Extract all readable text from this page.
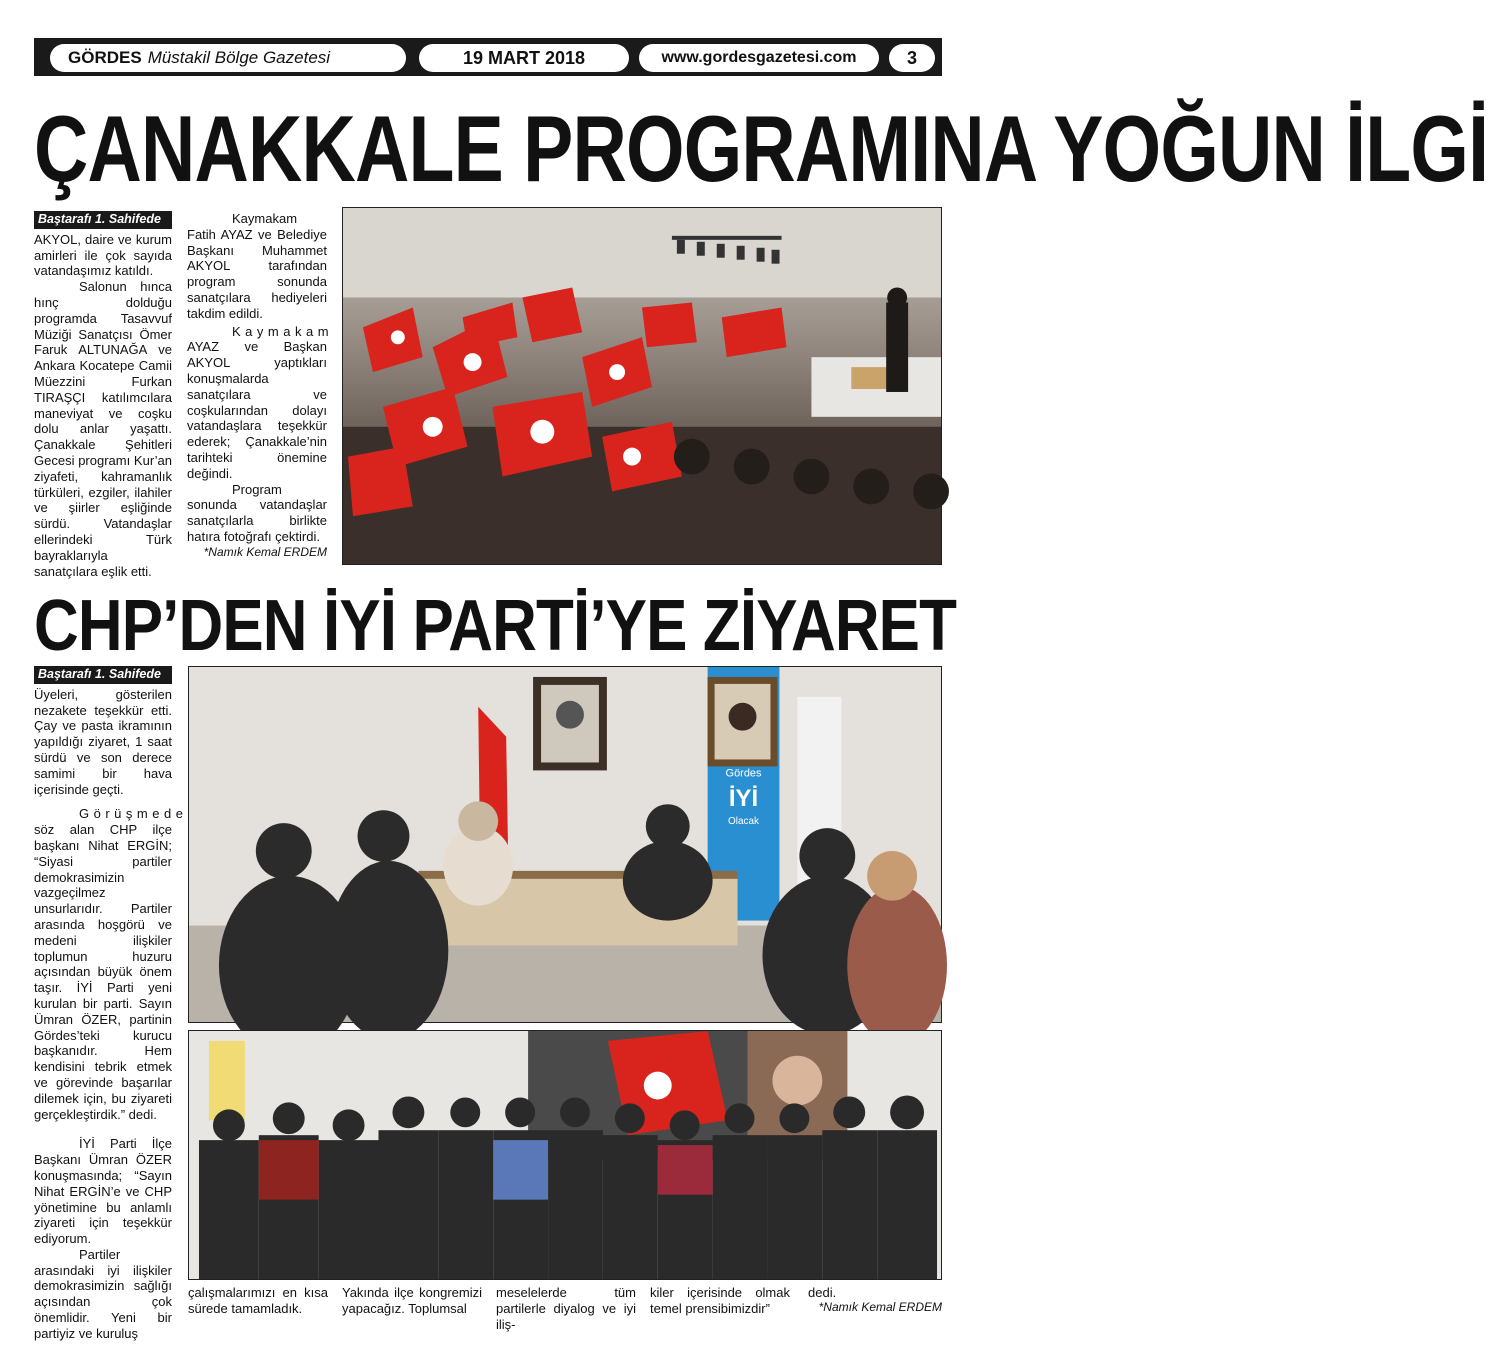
GÖRDES Müstakil Bölge Gazetesi	19 MART 2018	www.gordesgazetesi.com	3
ÇANAKKALE PROGRAMINA YOĞUN İLGİ
Baştarafı 1. Sahifede

AKYOL, daire ve kurum amirleri ile çok sayıda vatandaşımız katıldı.

Salonun hınca hınç dolduğu programda Tasavvuf Müziği Sanatçısı Ömer Faruk ALTUNAĞA ve Ankara Kocatepe Camii Müezzini Furkan TIRAŞÇI katılımcılara maneviyat ve coşku dolu anlar yaşattı. Çanakkale Şehitleri Gecesi programı Kur’an ziyafeti, kahramanlık türküleri, ezgiler, ilahiler ve şiirler eşliğinde sürdü. Vatandaşlar ellerindeki Türk bayraklarıyla sanatçılara eşlik etti.

Kaymakam Fatih AYAZ ve Belediye Başkanı Muhammet AKYOL tarafından program sonunda sanatçılara hediyeleri takdim edildi.

Kaymakam

AYAZ ve Başkan AKYOL yaptıkları konuşmalarda sanatçılara ve coşkularından dolayı vatandaşlara teşekkür ederek; Çanakkale’nin tarihteki önemine değindi.

Program sonunda vatandaşlar sanatçılarla birlikte hatıra fotoğrafı çektirdi.

*Namık Kemal ERDEM

CHP’DEN İYİ PARTİ’YE ZİYARET
Baştarafı 1. Sahifede

Üyeleri, gösterilen nezakete teşekkür etti. Çay ve pasta ikramının yapıldığı ziyaret, 1 saat sürdü ve son derece samimi bir hava içerisinde geçti.

Görüşmede

söz alan CHP ilçe başkanı Nihat ERGİN; “Siyasi partiler demokrasimizin vazgeçilmez unsurlarıdır. Partiler arasında hoşgörü ve medeni ilişkiler toplumun huzuru açısından büyük önem taşır. İYİ Parti yeni kurulan bir parti. Sayın Ümran ÖZER, partinin Gördes’teki kurucu başkanıdır. Hem kendisini tebrik etmek ve görevinde başarılar dilemek için, bu ziyareti gerçekleştirdik.” dedi.

İYİ Parti İlçe Başkanı Ümran ÖZER konuşmasında; “Sayın Nihat ERGİN’e ve CHP yönetimine bu anlamlı ziyareti için teşekkür ediyorum.

Partiler arasındaki iyi ilişkiler demokrasimizin sağlığı açısından çok önemlidir. Yeni bir partiyiz ve kuruluş

Gördes
İYİ
Olacak
çalışmalarımızı en kısa sürede tamamladık.
Yakında ilçe kongremizi yapacağız. Toplumsal
meselelerde tüm partilerle diyalog ve iyi iliş-
kiler içerisinde olmak temel prensibimizdir”
dedi.
*Namık Kemal ERDEM
